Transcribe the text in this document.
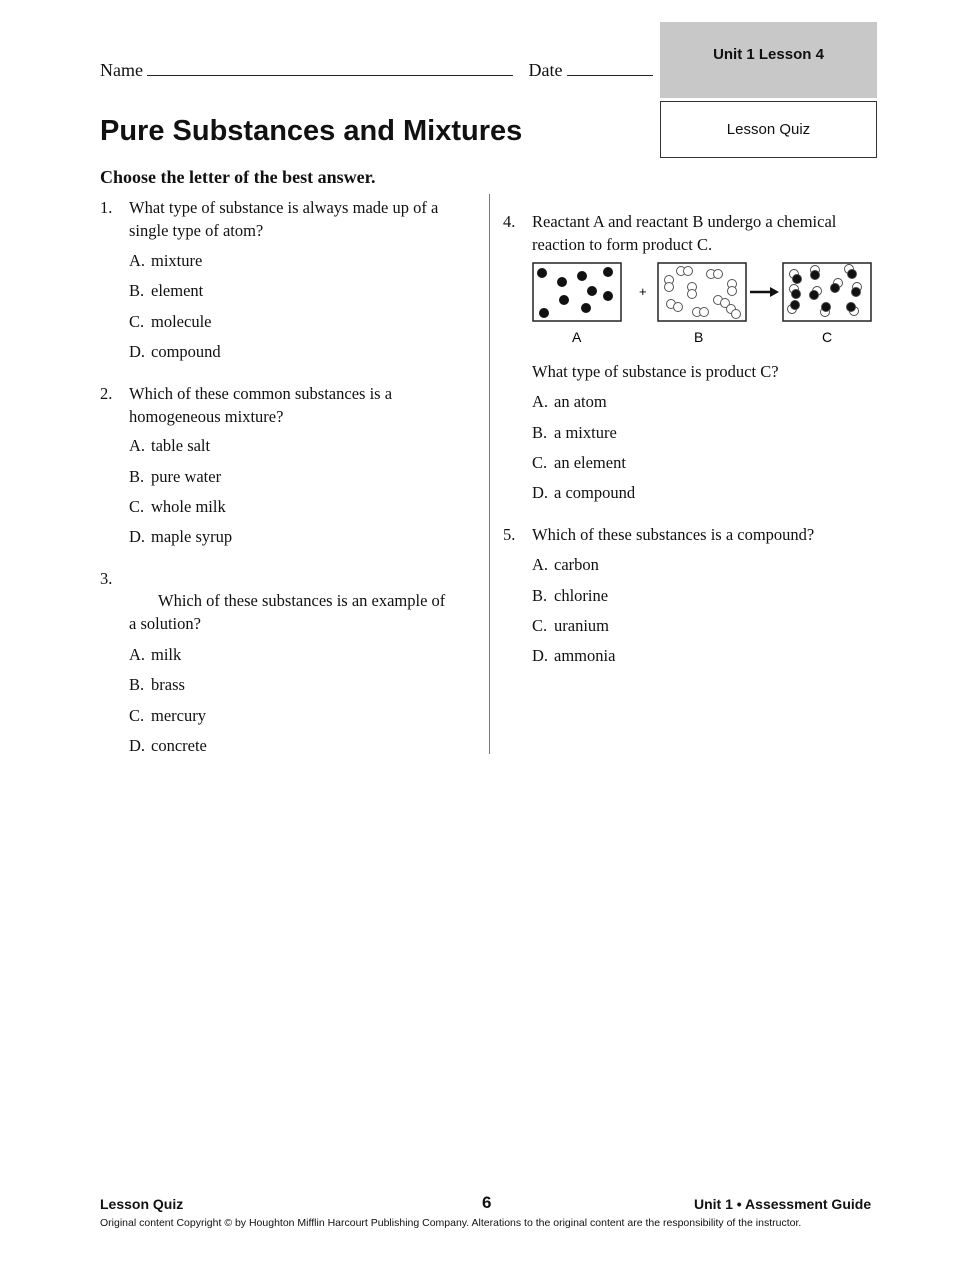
Name	Date
Unit 1 Lesson 4
Lesson Quiz
Pure Substances and Mixtures
Choose the letter of the best answer.
1. What type of substance is always made up of a
single type of atom?
A. mixture
B. element
C. molecule
D. compound
2. Which of these common substances is a
homogeneous mixture?
A. table salt
B. pure water
C. whole milk
D. maple syrup
3.
Which of these substances is an example of
a solution?
A. milk
B. brass
C. mercury
D. concrete
4. Reactant A and reactant B undergo a chemical
reaction to form product C.
+
A	B	C
What type of substance is product C?
A. an atom
B. a mixture
C. an element
D. a compound
5. Which of these substances is a compound?
A. carbon
B. chlorine
C. uranium
D. ammonia
Lesson Quiz	6	Unit 1 • Assessment Guide
Original content Copyright © by Houghton Mifflin Harcourt Publishing Company. Alterations to the original content are the responsibility of the instructor.
